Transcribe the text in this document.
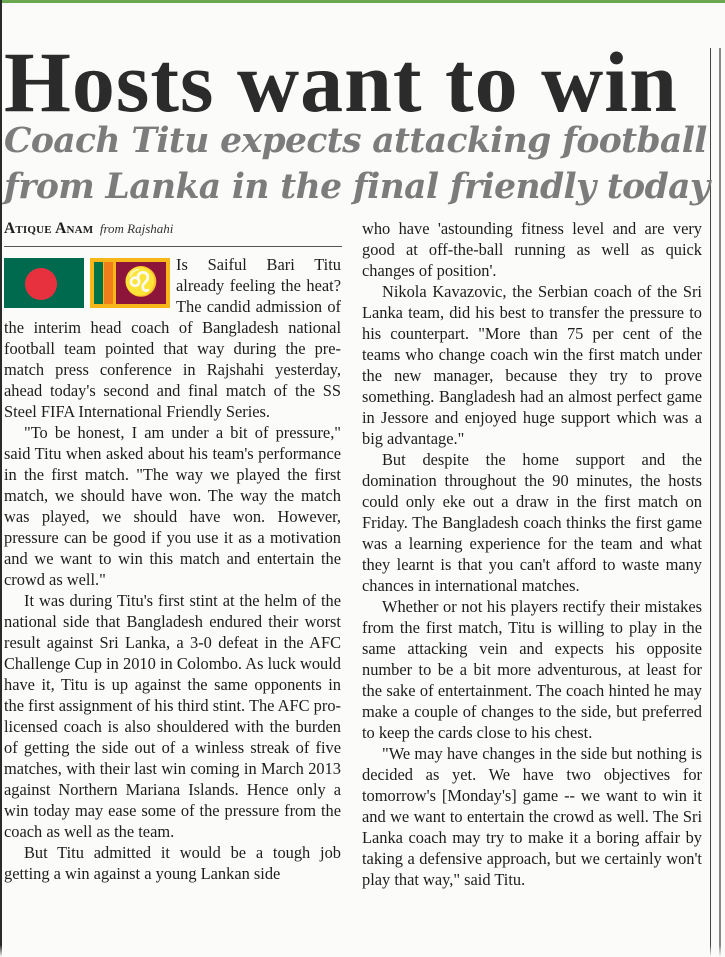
Hosts want to win
Coach Titu expects attacking football from Lanka in the final friendly today
Atique Anam from Rajshahi
♌

Is Saiful Bari Titu already feeling the heat? The candid admission of the interim head coach of Bangladesh national football team pointed that way during the pre-match press conference in Rajshahi yesterday, ahead today's second and final match of the SS Steel FIFA International Friendly Series.

"To be honest, I am under a bit of pressure," said Titu when asked about his team's performance in the first match. "The way we played the first match, we should have won. The way the match was played, we should have won. However, pressure can be good if you use it as a motivation and we want to win this match and entertain the crowd as well."

It was during Titu's first stint at the helm of the national side that Bangladesh endured their worst result against Sri Lanka, a 3-0 defeat in the AFC Challenge Cup in 2010 in Colombo. As luck would have it, Titu is up against the same opponents in the first assignment of his third stint. The AFC pro-licensed coach is also shouldered with the burden of getting the side out of a winless streak of five matches, with their last win coming in March 2013 against Northern Mariana Islands. Hence only a win today may ease some of the pressure from the coach as well as the team.

But Titu admitted it would be a tough job getting a win against a young Lankan side

who have 'astounding fitness level and are very good at off-the-ball running as well as quick changes of position'.

Nikola Kavazovic, the Serbian coach of the Sri Lanka team, did his best to transfer the pressure to his counterpart. "More than 75 per cent of the teams who change coach win the first match under the new manager, because they try to prove something. Bangladesh had an almost perfect game in Jessore and enjoyed huge support which was a big advantage."

But despite the home support and the domination throughout the 90 minutes, the hosts could only eke out a draw in the first match on Friday. The Bangladesh coach thinks the first game was a learning experience for the team and what they learnt is that you can't afford to waste many chances in international matches.

Whether or not his players rectify their mistakes from the first match, Titu is willing to play in the same attacking vein and expects his opposite number to be a bit more adventurous, at least for the sake of entertainment. The coach hinted he may make a couple of changes to the side, but preferred to keep the cards close to his chest.

"We may have changes in the side but nothing is decided as yet. We have two objectives for tomorrow's [Monday's] game -- we want to win it and we want to entertain the crowd as well. The Sri Lanka coach may try to make it a boring affair by taking a defensive approach, but we certainly won't play that way," said Titu.
